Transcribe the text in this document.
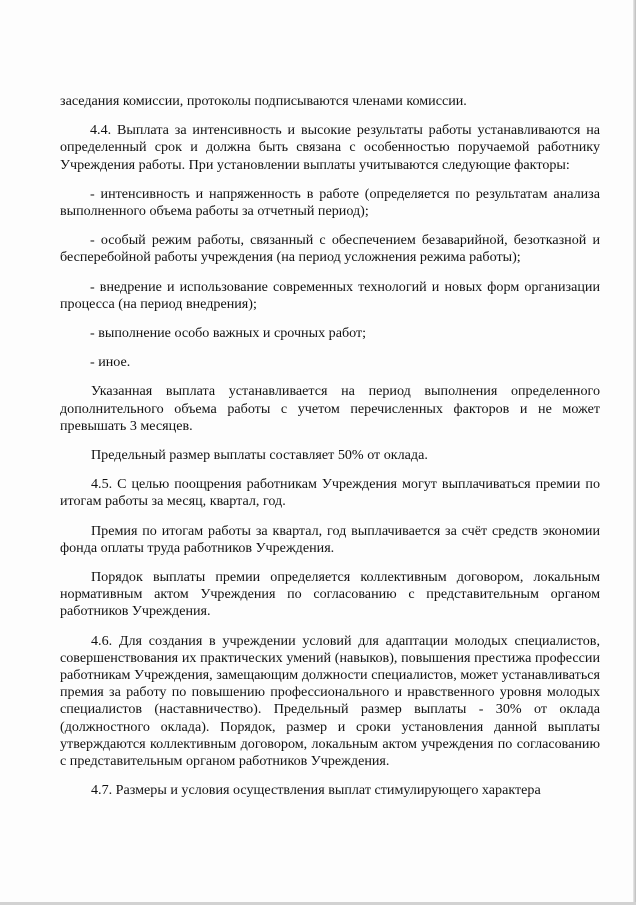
заседания комиссии, протоколы подписываются членами комиссии.

4.4. Выплата за интенсивность и высокие результаты работы устанавливаются на определенный срок и должна быть связана с особенностью поручаемой работнику Учреждения работы. При установлении выплаты учитываются следующие факторы:

- интенсивность и напряженность в работе (определяется по результатам анализа выполненного объема работы за отчетный период);

- особый режим работы, связанный с обеспечением безаварийной, безотказной и бесперебойной работы учреждения (на период усложнения режима работы);

- внедрение и использование современных технологий и новых форм организации процесса (на период внедрения);

- выполнение особо важных и срочных работ;

- иное.

Указанная выплата устанавливается на период выполнения определенного дополнительного объема работы с учетом перечисленных факторов и не может превышать 3 месяцев.

Предельный размер выплаты составляет 50% от оклада.

4.5. С целью поощрения работникам Учреждения могут выплачиваться премии по итогам работы за месяц, квартал, год.

Премия по итогам работы за квартал, год выплачивается за счёт средств экономии фонда оплаты труда работников Учреждения.

Порядок выплаты премии определяется коллективным договором, локальным нормативным актом Учреждения по согласованию с представительным органом работников Учреждения.

4.6. Для создания в учреждении условий для адаптации молодых специалистов, совершенствования их практических умений (навыков), повышения престижа профессии работникам Учреждения, замещающим должности специалистов, может устанавливаться премия за работу по повышению профессионального и нравственного уровня молодых специалистов (наставничество). Предельный размер выплаты - 30% от оклада (должностного оклада). Порядок, размер и сроки установления данной выплаты утверждаются коллективным договором, локальным актом учреждения по согласованию с представительным органом работников Учреждения.

4.7. Размеры и условия осуществления выплат стимулирующего характера
